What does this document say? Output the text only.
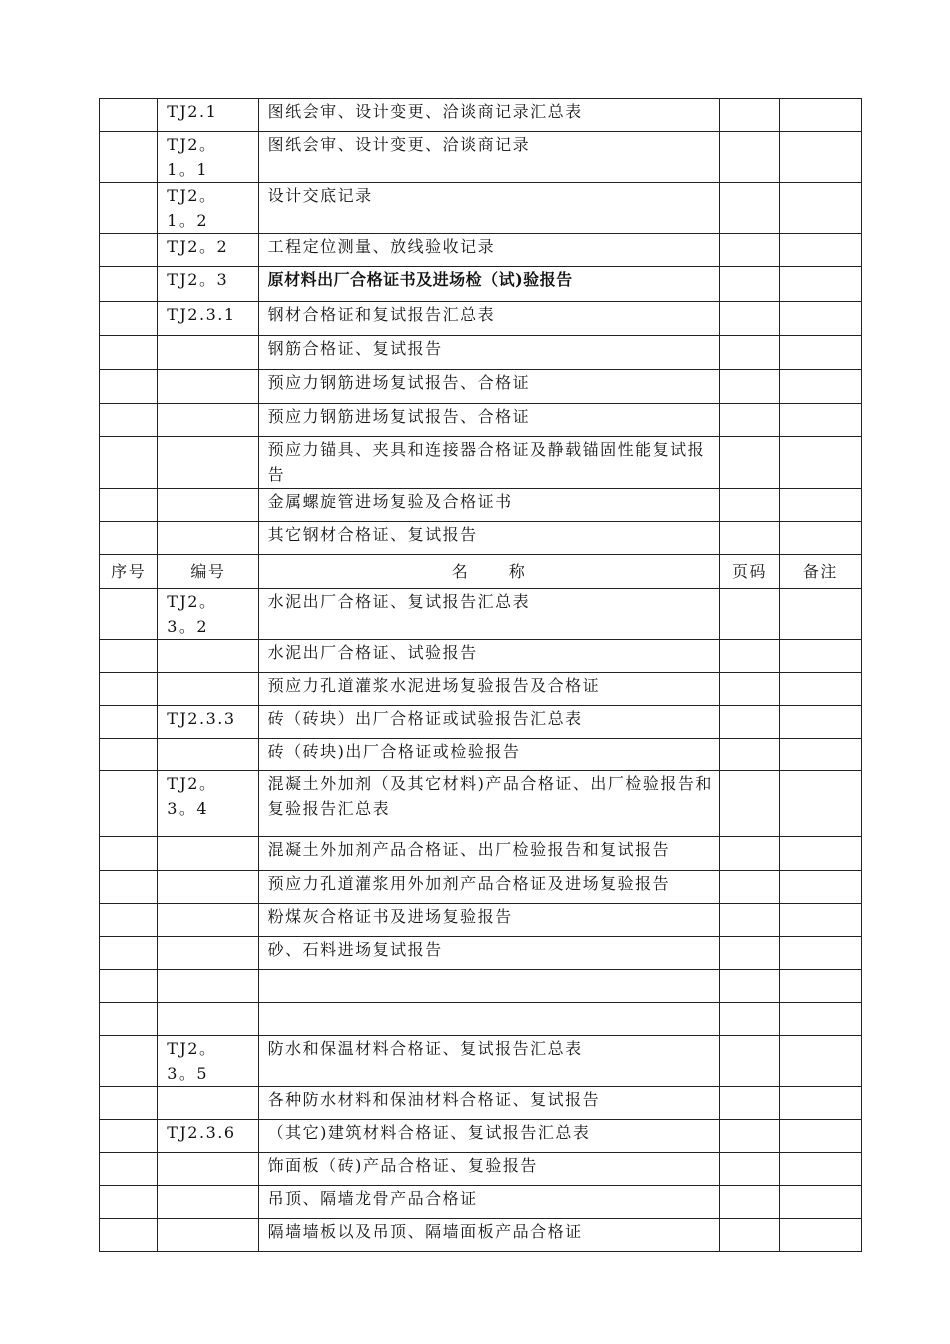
	TJ2.1	图纸会审、设计变更、洽谈商记录汇总表		

	TJ2。1。1	图纸会审、设计变更、洽谈商记录		

	TJ2。1。2	设计交底记录		

	TJ2。2	工程定位测量、放线验收记录		

	TJ2。3	原材料出厂合格证书及进场检（试)验报告		

	TJ2.3.1	钢材合格证和复试报告汇总表		

		钢筋合格证、复试报告		

		预应力钢筋进场复试报告、合格证		

		预应力钢筋进场复试报告、合格证		

		预应力锚具、夹具和连接器合格证及静载锚固性能复试报告		

		金属螺旋管进场复验及合格证书		

		其它钢材合格证、复试报告		

序号	编号	名      称	页码	备注

	TJ2。3。2	水泥出厂合格证、复试报告汇总表		

		水泥出厂合格证、试验报告		

		预应力孔道灌浆水泥进场复验报告及合格证		

	TJ2.3.3	砖（砖块）出厂合格证或试验报告汇总表		

		砖（砖块)出厂合格证或检验报告		

	TJ2。3。4	混凝土外加剂（及其它材料)产品合格证、出厂检验报告和复验报告汇总表		

		混凝土外加剂产品合格证、出厂检验报告和复试报告		

		预应力孔道灌浆用外加剂产品合格证及进场复验报告		

		粉煤灰合格证书及进场复验报告		

		砂、石料进场复试报告		

	TJ2。3。5	防水和保温材料合格证、复试报告汇总表		

		各种防水材料和保油材料合格证、复试报告		

	TJ2.3.6	（其它)建筑材料合格证、复试报告汇总表		

		饰面板（砖)产品合格证、复验报告		

		吊顶、隔墙龙骨产品合格证		

		隔墙墙板以及吊顶、隔墙面板产品合格证		
